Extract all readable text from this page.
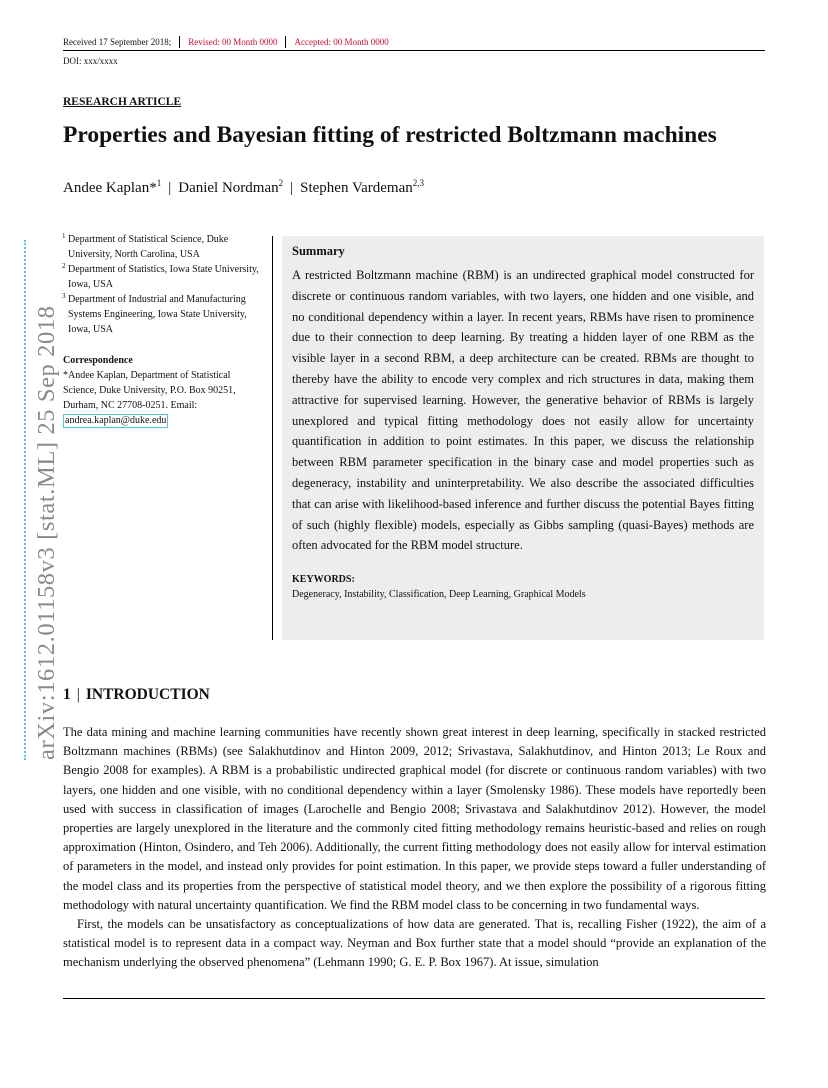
Received 17 September 2018; Revised: 00 Month 0000 Accepted: 00 Month 0000
DOI: xxx/xxxx
RESEARCH ARTICLE
Properties and Bayesian fitting of restricted Boltzmann machines
Andee Kaplan*$^1$ | Daniel Nordman$^2$ | Stephen Vardeman$^{2,3}$
arXiv:1612.01158v3 [stat.ML] 25 Sep 2018

1 Department of Statistical Science, Duke University, North Carolina, USA

2 Department of Statistics, Iowa State University, Iowa, USA

3 Department of Industrial and Manufacturing Systems Engineering, Iowa State University, Iowa, USA

Correspondence
*Andee Kaplan, Department of Statistical Science, Duke University, P.O. Box 90251, Durham, NC 27708-0251. Email: andrea.kaplan@duke.edu
Summary

A restricted Boltzmann machine (RBM) is an undirected graphical model constructed for discrete or continuous random variables, with two layers, one hidden and one visible, and no conditional dependency within a layer. In recent years, RBMs have risen to prominence due to their connection to deep learning. By treating a hidden layer of one RBM as the visible layer in a second RBM, a deep architecture can be created. RBMs are thought to thereby have the ability to encode very complex and rich structures in data, making them attractive for supervised learning. However, the generative behavior of RBMs is largely unexplored and typical fitting methodology does not easily allow for uncertainty quantification in addition to point estimates. In this paper, we discuss the relationship between RBM parameter specification in the binary case and model properties such as degeneracy, instability and uninterpretability. We also describe the associated difficulties that can arise with likelihood-based inference and further discuss the potential Bayes fitting of such (highly flexible) models, especially as Gibbs sampling (quasi-Bayes) methods are often advocated for the RBM model structure.

KEYWORDS:
Degeneracy, Instability, Classification, Deep Learning, Graphical Models
1 | INTRODUCTION

The data mining and machine learning communities have recently shown great interest in deep learning, specifically in stacked restricted Boltzmann machines (RBMs) (see Salakhutdinov and Hinton 2009, 2012; Srivastava, Salakhutdinov, and Hinton 2013; Le Roux and Bengio 2008 for examples). A RBM is a probabilistic undirected graphical model (for discrete or continuous random variables) with two layers, one hidden and one visible, with no conditional dependency within a layer (Smolensky 1986). These models have reportedly been used with success in classification of images (Larochelle and Bengio 2008; Srivastava and Salakhutdinov 2012). However, the model properties are largely unexplored in the literature and the commonly cited fitting methodology remains heuristic-based and relies on rough approximation (Hinton, Osindero, and Teh 2006). Additionally, the current fitting methodology does not easily allow for interval estimation of parameters in the model, and instead only provides for point estimation. In this paper, we provide steps toward a fuller understanding of the model class and its properties from the perspective of statistical model theory, and we then explore the possibility of a rigorous fitting methodology with natural uncertainty quantification. We find the RBM model class to be concerning in two fundamental ways.

First, the models can be unsatisfactory as conceptualizations of how data are generated. That is, recalling Fisher (1922), the aim of a statistical model is to represent data in a compact way. Neyman and Box further state that a model should “provide an explanation of the mechanism underlying the observed phenomena” (Lehmann 1990; G. E. P. Box 1967). At issue, simulation
